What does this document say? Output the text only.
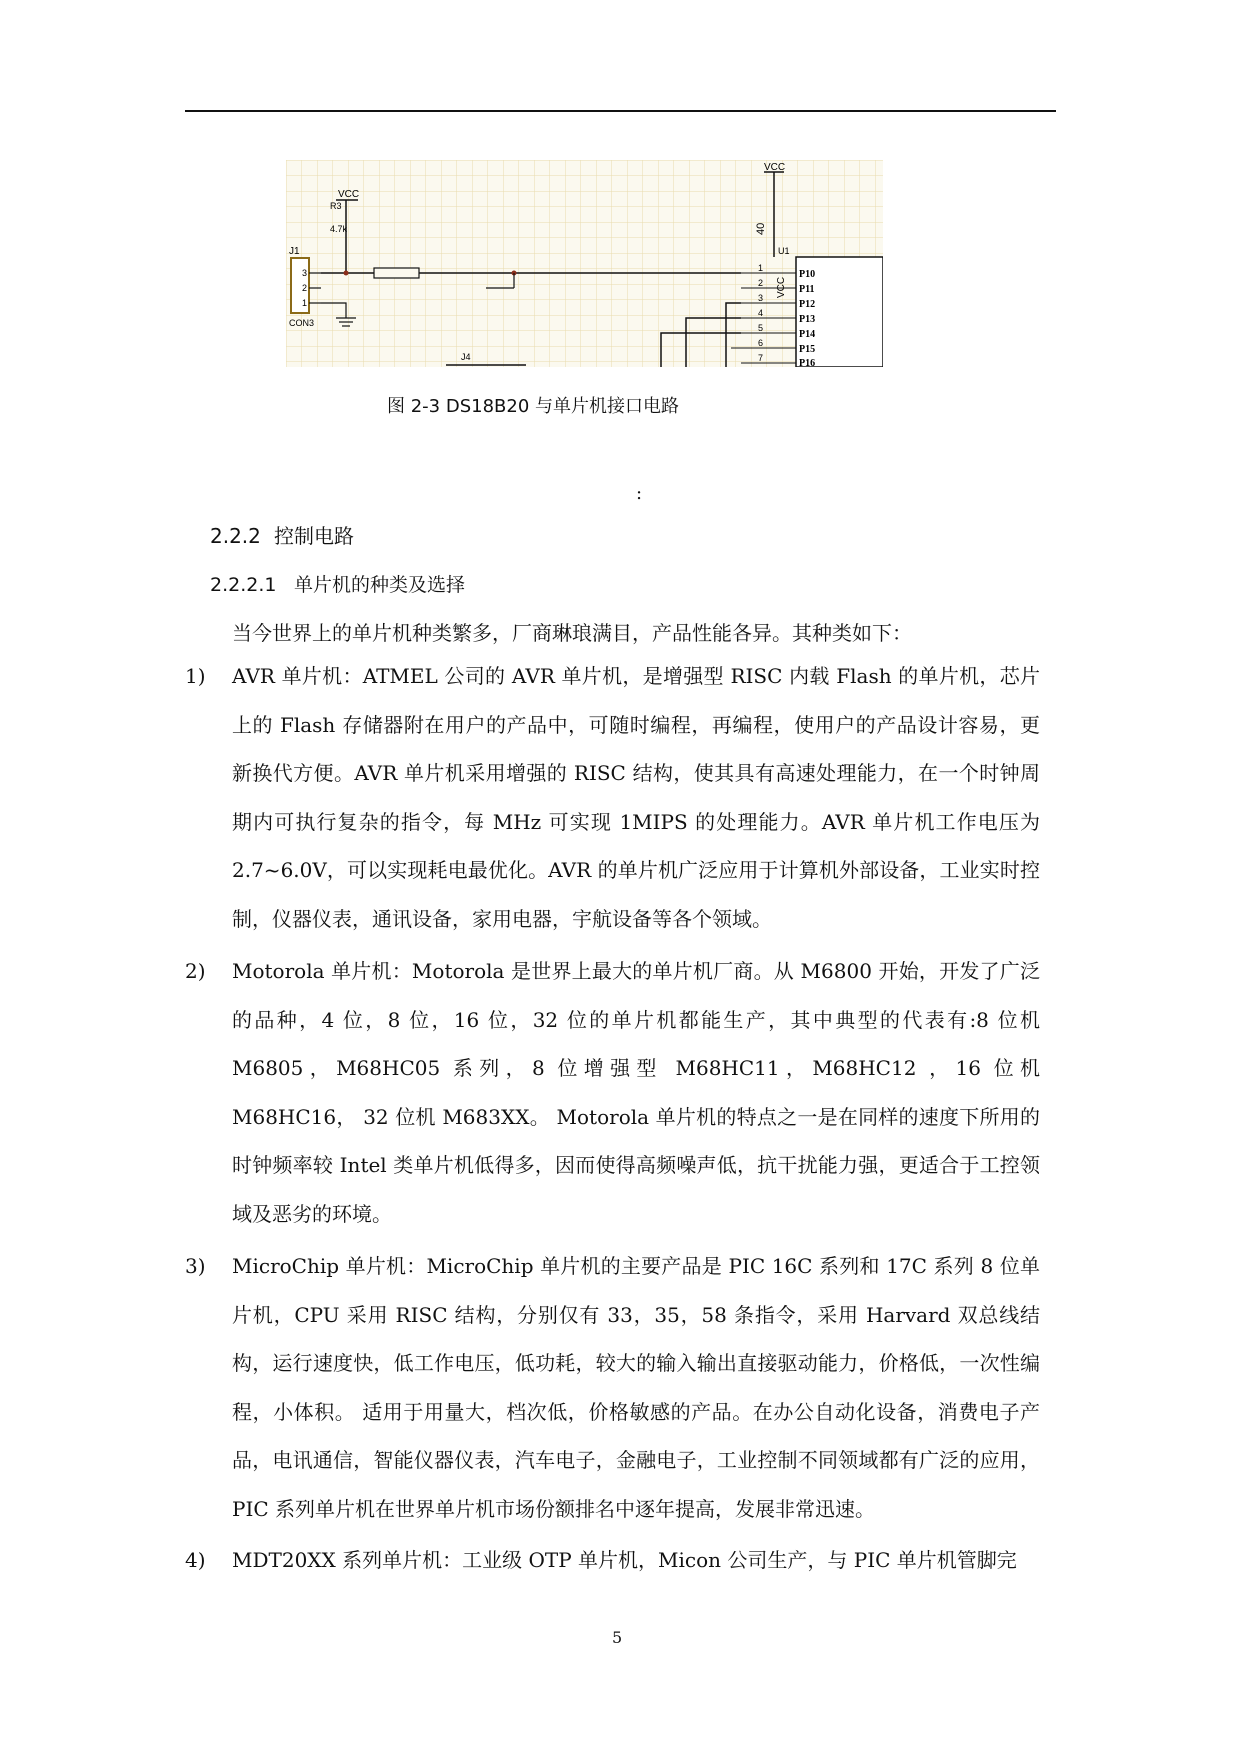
VCC
40
U1
VCC
1
2
3
4
5
6
7
P10
P11
P12
P13
P14
P15
P16
VCC
R3
4.7k
J1
3
2
1
CON3
J4
图 2-3 DS18B20 与单片机接口电路
:
2.2.2 控制电路
2.2.2.1 单片机的种类及选择
当今世界上的单片机种类繁多，厂商琳琅满目，产品性能各异。其种类如下：
1) AVR 单片机：ATMEL 公司的 AVR 单片机，是增强型 RISC 内载 Flash 的单片机，芯片上的 Flash 存储器附在用户的产品中，可随时编程，再编程，使用户的产品设计容易，更新换代方便。AVR 单片机采用增强的 RISC 结构，使其具有高速处理能力，在一个时钟周期内可执行复杂的指令，每 MHz 可实现 1MIPS 的处理能力。AVR 单片机工作电压为 2.7~6.0V，可以实现耗电最优化。AVR 的单片机广泛应用于计算机外部设备，工业实时控制，仪器仪表，通讯设备，家用电器，宇航设备等各个领域。
2) Motorola 单片机：Motorola 是世界上最大的单片机厂商。从 M6800 开始，开发了广泛的品种，4 位，8 位，16 位，32 位的单片机都能生产，其中典型的代表有:8 位机 M6805，M68HC05 系列，8 位增强型 M68HC11，M68HC12 ，16 位机 M68HC16， 32 位机 M683XX。 Motorola 单片机的特点之一是在同样的速度下所用的时钟频率较 Intel 类单片机低得多，因而使得高频噪声低，抗干扰能力强，更适合于工控领域及恶劣的环境。
3) MicroChip 单片机：MicroChip 单片机的主要产品是 PIC 16C 系列和 17C 系列 8 位单片机，CPU 采用 RISC 结构，分别仅有 33，35，58 条指令，采用 Harvard 双总线结构，运行速度快，低工作电压，低功耗，较大的输入输出直接驱动能力，价格低，一次性编程，小体积。 适用于用量大，档次低，价格敏感的产品。在办公自动化设备，消费电子产品，电讯通信，智能仪器仪表，汽车电子，金融电子，工业控制不同领域都有广泛的应用，PIC 系列单片机在世界单片机市场份额排名中逐年提高，发展非常迅速。
4) MDT20XX 系列单片机：工业级 OTP 单片机，Micon 公司生产，与 PIC 单片机管脚完
5
